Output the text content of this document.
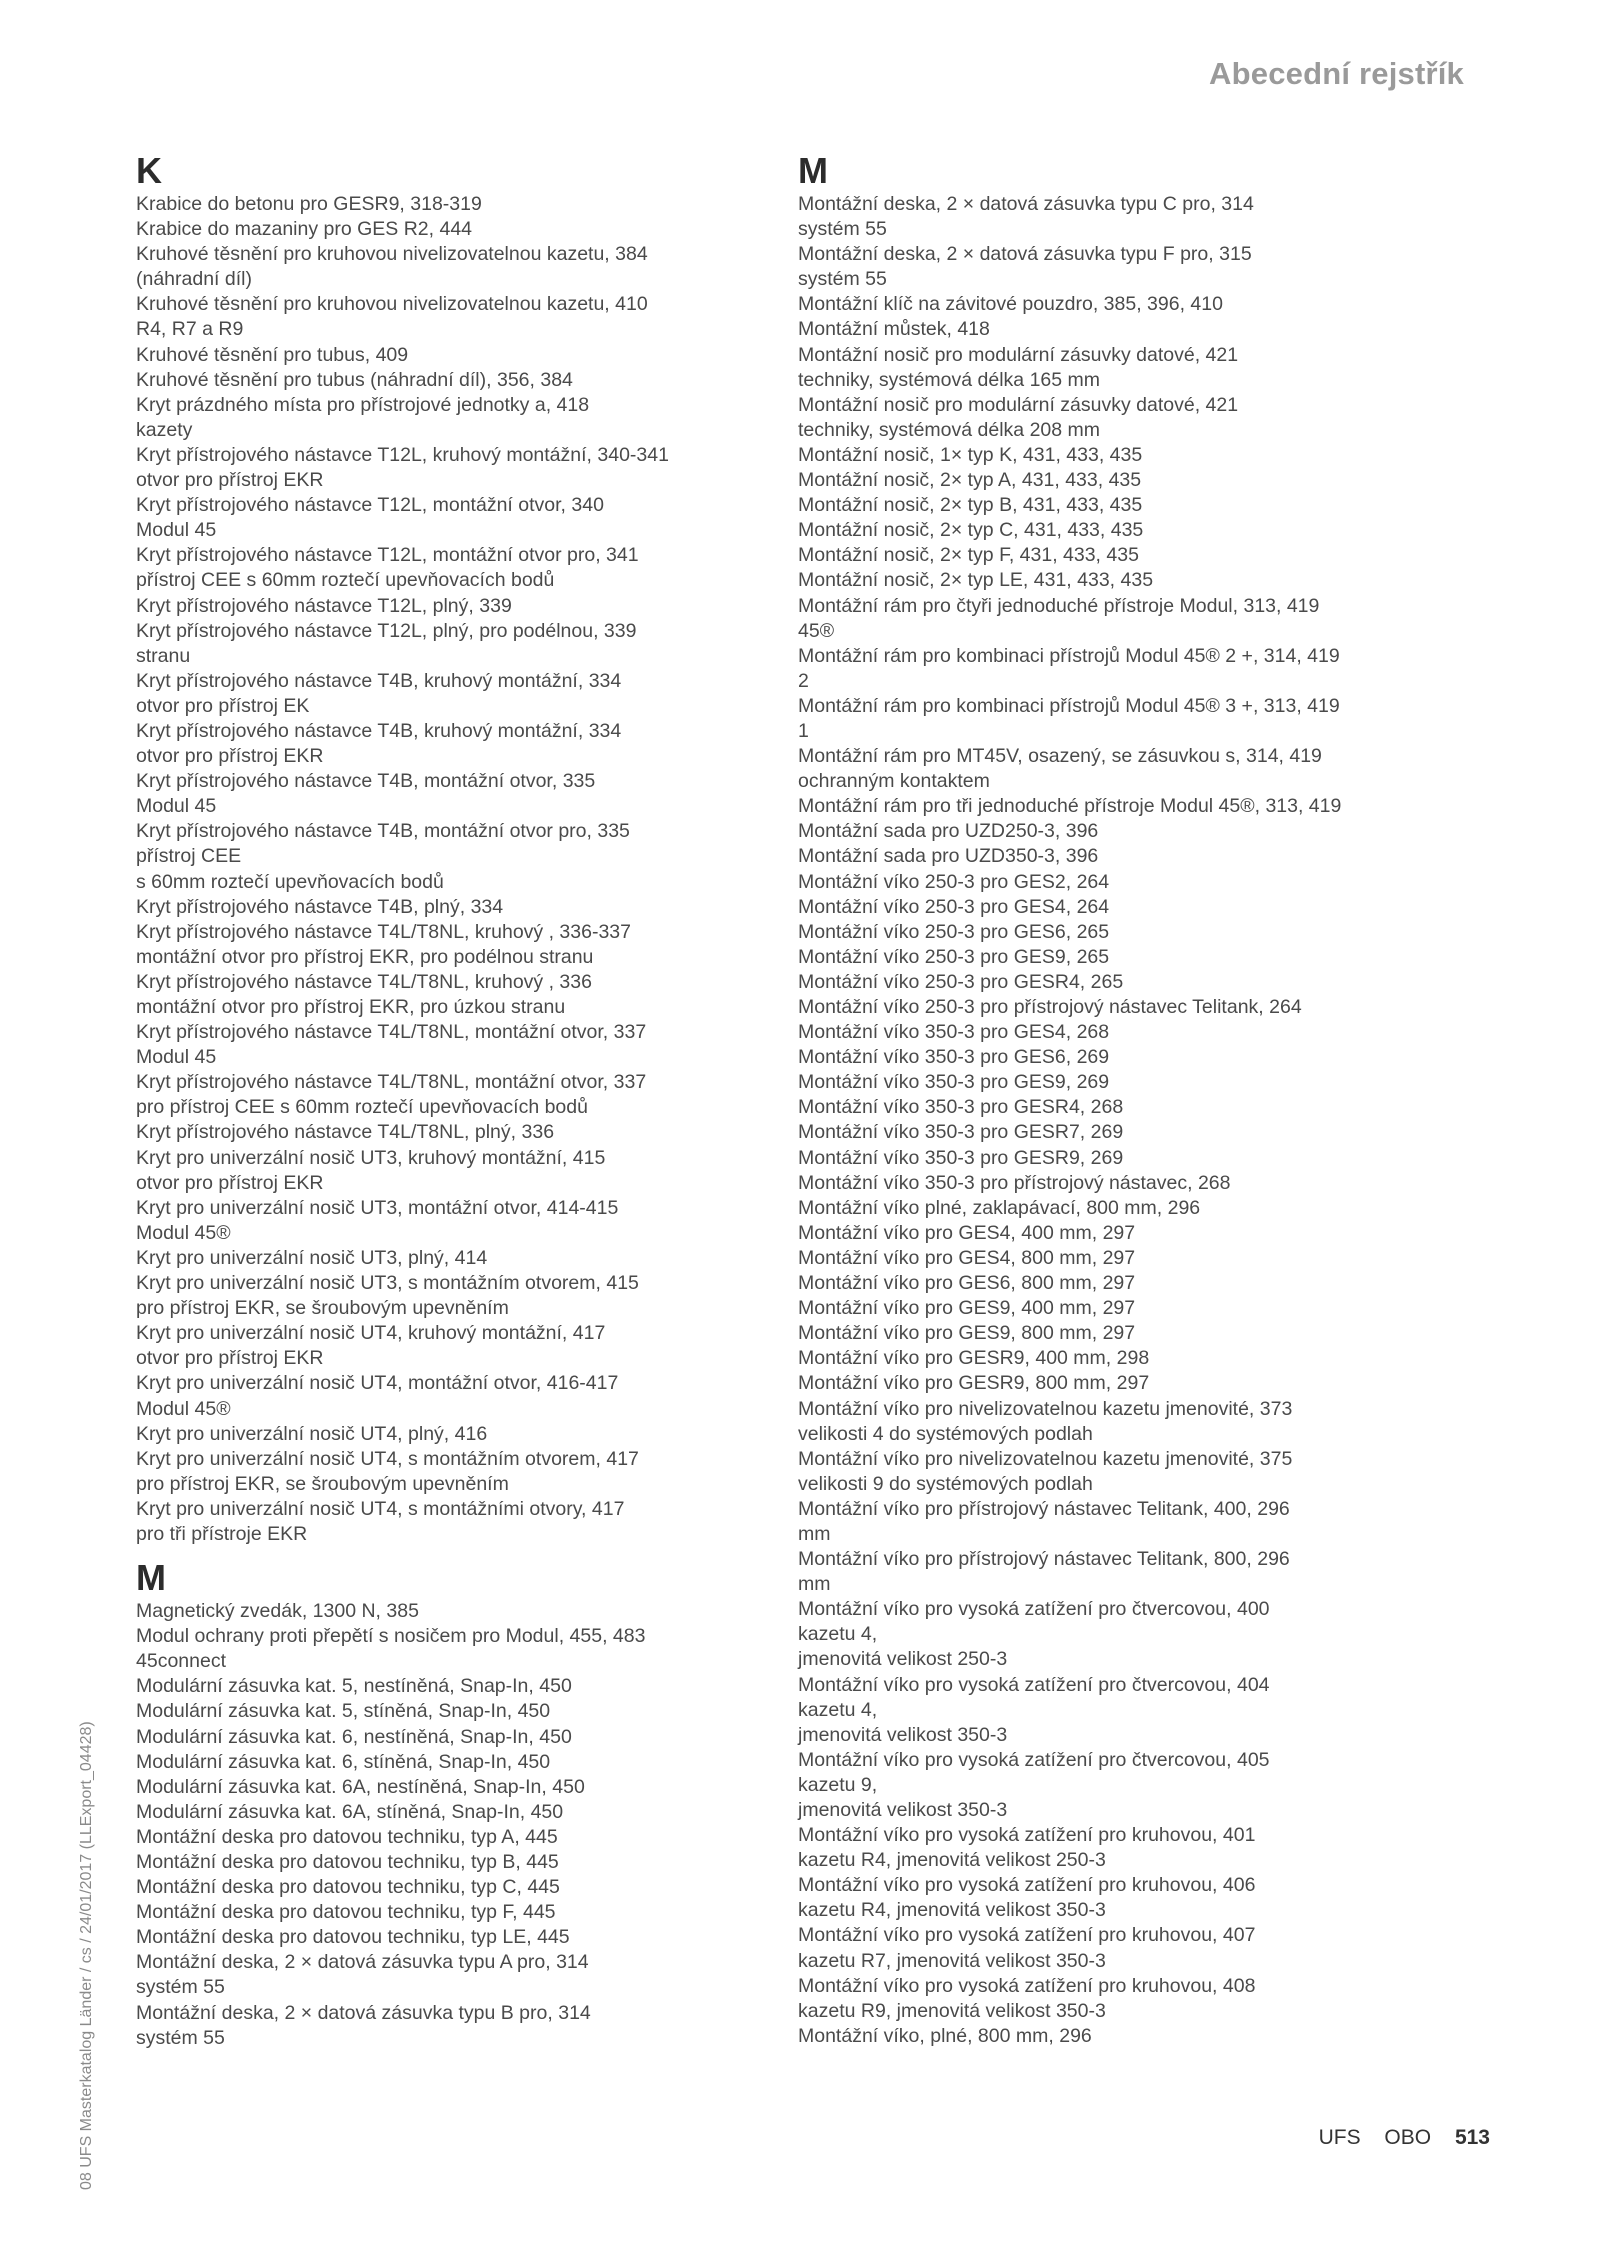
Abecední rejstřík
K
Krabice do betonu pro GESR9, 318-319
Krabice do mazaniny pro GES R2, 444
Kruhové těsnění pro kruhovou nivelizovatelnou kazetu, 384
(náhradní díl)
Kruhové těsnění pro kruhovou nivelizovatelnou kazetu, 410
R4, R7 a R9
Kruhové těsnění pro tubus, 409
Kruhové těsnění pro tubus (náhradní díl), 356, 384
Kryt prázdného místa pro přístrojové jednotky a, 418
kazety
Kryt přístrojového nástavce T12L, kruhový montážní, 340-341
otvor pro přístroj EKR
Kryt přístrojového nástavce T12L, montážní otvor, 340
Modul 45
Kryt přístrojového nástavce T12L, montážní otvor pro, 341
přístroj CEE s 60mm roztečí upevňovacích bodů
Kryt přístrojového nástavce T12L, plný, 339
Kryt přístrojového nástavce T12L, plný, pro podélnou, 339
stranu
Kryt přístrojového nástavce T4B, kruhový montážní, 334
otvor pro přístroj EK
Kryt přístrojového nástavce T4B, kruhový montážní, 334
otvor pro přístroj EKR
Kryt přístrojového nástavce T4B, montážní otvor, 335
Modul 45
Kryt přístrojového nástavce T4B, montážní otvor pro, 335
přístroj CEE
s 60mm roztečí upevňovacích bodů
Kryt přístrojového nástavce T4B, plný, 334
Kryt přístrojového nástavce T4L/T8NL, kruhový , 336-337
montážní otvor pro přístroj EKR, pro podélnou stranu
Kryt přístrojového nástavce T4L/T8NL, kruhový , 336
montážní otvor pro přístroj EKR, pro úzkou stranu
Kryt přístrojového nástavce T4L/T8NL, montážní otvor, 337
Modul 45
Kryt přístrojového nástavce T4L/T8NL, montážní otvor, 337
pro přístroj CEE s 60mm roztečí upevňovacích bodů
Kryt přístrojového nástavce T4L/T8NL, plný, 336
Kryt pro univerzální nosič UT3, kruhový montážní, 415
otvor pro přístroj EKR
Kryt pro univerzální nosič UT3, montážní otvor, 414-415
Modul 45®
Kryt pro univerzální nosič UT3, plný, 414
Kryt pro univerzální nosič UT3, s montážním otvorem, 415
pro přístroj EKR, se šroubovým upevněním
Kryt pro univerzální nosič UT4, kruhový montážní, 417
otvor pro přístroj EKR
Kryt pro univerzální nosič UT4, montážní otvor, 416-417
Modul 45®
Kryt pro univerzální nosič UT4, plný, 416
Kryt pro univerzální nosič UT4, s montážním otvorem, 417
pro přístroj EKR, se šroubovým upevněním
Kryt pro univerzální nosič UT4, s montážními otvory, 417
pro tři přístroje EKR
M
Magnetický zvedák, 1300 N, 385
Modul ochrany proti přepětí s nosičem pro Modul, 455, 483
45connect
Modulární zásuvka kat. 5, nestíněná, Snap-In, 450
Modulární zásuvka kat. 5, stíněná, Snap-In, 450
Modulární zásuvka kat. 6, nestíněná, Snap-In, 450
Modulární zásuvka kat. 6, stíněná, Snap-In, 450
Modulární zásuvka kat. 6A, nestíněná, Snap-In, 450
Modulární zásuvka kat. 6A, stíněná, Snap-In, 450
Montážní deska pro datovou techniku, typ A, 445
Montážní deska pro datovou techniku, typ B, 445
Montážní deska pro datovou techniku, typ C, 445
Montážní deska pro datovou techniku, typ F, 445
Montážní deska pro datovou techniku, typ LE, 445
Montážní deska, 2 × datová zásuvka typu A pro, 314
systém 55
Montážní deska, 2 × datová zásuvka typu B pro, 314
systém 55
M
Montážní deska, 2 × datová zásuvka typu C pro, 314
systém 55
Montážní deska, 2 × datová zásuvka typu F pro, 315
systém 55
Montážní klíč na závitové pouzdro, 385, 396, 410
Montážní můstek, 418
Montážní nosič pro modulární zásuvky datové, 421
techniky, systémová délka 165 mm
Montážní nosič pro modulární zásuvky datové, 421
techniky, systémová délka 208 mm
Montážní nosič, 1× typ K, 431, 433, 435
Montážní nosič, 2× typ A, 431, 433, 435
Montážní nosič, 2× typ B, 431, 433, 435
Montážní nosič, 2× typ C, 431, 433, 435
Montážní nosič, 2× typ F, 431, 433, 435
Montážní nosič, 2× typ LE, 431, 433, 435
Montážní rám pro čtyři jednoduché přístroje Modul, 313, 419
45®
Montážní rám pro kombinaci přístrojů Modul 45® 2 +, 314, 419
2
Montážní rám pro kombinaci přístrojů Modul 45® 3 +, 313, 419
1
Montážní rám pro MT45V, osazený, se zásuvkou s, 314, 419
ochranným kontaktem
Montážní rám pro tři jednoduché přístroje Modul 45®, 313, 419
Montážní sada pro UZD250-3, 396
Montážní sada pro UZD350-3, 396
Montážní víko 250-3 pro GES2, 264
Montážní víko 250-3 pro GES4, 264
Montážní víko 250-3 pro GES6, 265
Montážní víko 250-3 pro GES9, 265
Montážní víko 250-3 pro GESR4, 265
Montážní víko 250-3 pro přístrojový nástavec Telitank, 264
Montážní víko 350-3 pro GES4, 268
Montážní víko 350-3 pro GES6, 269
Montážní víko 350-3 pro GES9, 269
Montážní víko 350-3 pro GESR4, 268
Montážní víko 350-3 pro GESR7, 269
Montážní víko 350-3 pro GESR9, 269
Montážní víko 350-3 pro přístrojový nástavec, 268
Montážní víko plné, zaklapávací, 800 mm, 296
Montážní víko pro GES4, 400 mm, 297
Montážní víko pro GES4, 800 mm, 297
Montážní víko pro GES6, 800 mm, 297
Montážní víko pro GES9, 400 mm, 297
Montážní víko pro GES9, 800 mm, 297
Montážní víko pro GESR9, 400 mm, 298
Montážní víko pro GESR9, 800 mm, 297
Montážní víko pro nivelizovatelnou kazetu jmenovité, 373
velikosti 4 do systémových podlah
Montážní víko pro nivelizovatelnou kazetu jmenovité, 375
velikosti 9 do systémových podlah
Montážní víko pro přístrojový nástavec Telitank, 400, 296
mm
Montážní víko pro přístrojový nástavec Telitank, 800, 296
mm
Montážní víko pro vysoká zatížení pro čtvercovou, 400
kazetu 4,
jmenovitá velikost 250-3
Montážní víko pro vysoká zatížení pro čtvercovou, 404
kazetu 4,
jmenovitá velikost 350-3
Montážní víko pro vysoká zatížení pro čtvercovou, 405
kazetu 9,
jmenovitá velikost 350-3
Montážní víko pro vysoká zatížení pro kruhovou, 401
kazetu R4, jmenovitá velikost 250-3
Montážní víko pro vysoká zatížení pro kruhovou, 406
kazetu R4, jmenovitá velikost 350-3
Montážní víko pro vysoká zatížení pro kruhovou, 407
kazetu R7, jmenovitá velikost 350-3
Montážní víko pro vysoká zatížení pro kruhovou, 408
kazetu R9, jmenovitá velikost 350-3
Montážní víko, plné, 800 mm, 296
08 UFS Masterkatalog Länder / cs / 24/01/2017 (LLExport_04428)	UFS OBO 513
